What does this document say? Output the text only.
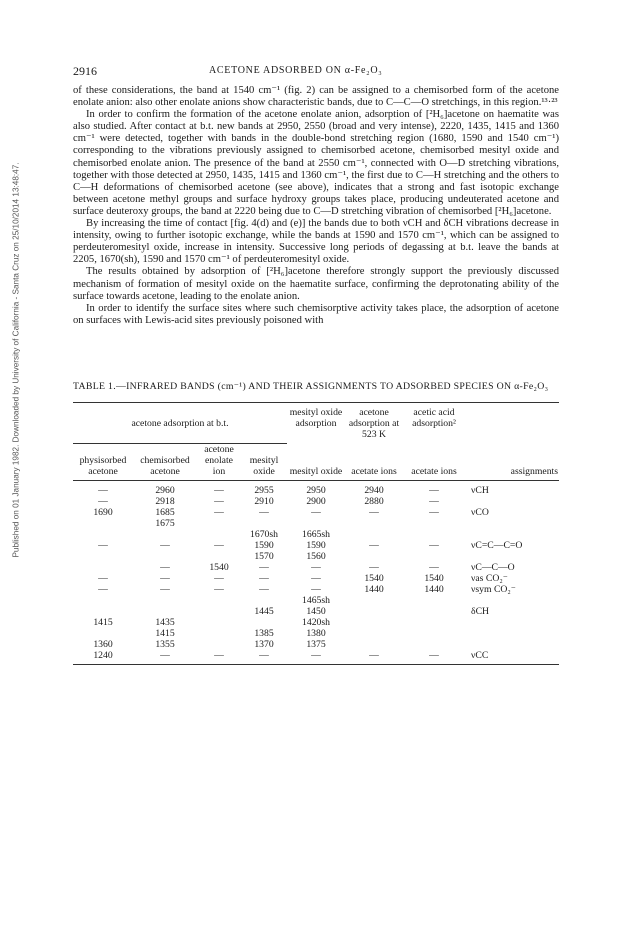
Published on 01 January 1982. Downloaded by University of California - Santa Cruz on 25/10/2014 13:48:47.
2916	ACETONE ADSORBED ON α-Fe₂O₃

of these considerations, the band at 1540 cm⁻¹ (fig. 2) can be assigned to a chemisorbed form of the acetone enolate anion: also other enolate anions show characteristic bands, due to C—C—O stretchings, in this region.¹³·²³

In order to confirm the formation of the acetone enolate anion, adsorption of [²H₆]acetone on haematite was also studied. After contact at b.t. new bands at 2950, 2550 (broad and very intense), 2220, 1435, 1415 and 1360 cm⁻¹ were detected, together with bands in the double-bond stretching region (1680, 1590 and 1540 cm⁻¹) corresponding to the vibrations previously assigned to chemisorbed acetone, chemisorbed mesityl oxide and chemisorbed enolate anion. The presence of the band at 2550 cm⁻¹, connected with O—D stretching vibrations, together with those detected at 2950, 1435, 1415 and 1360 cm⁻¹, the first due to C—H stretching and the others to C—H deformations of chemisorbed acetone (see above), indicates that a strong and fast isotopic exchange between acetone methyl groups and surface hydroxy groups takes place, producing undeuterated acetone and surface deuteroxy groups, the band at 2220 being due to C—D stretching vibration of chemisorbed [²H₆]acetone.

By increasing the time of contact [fig. 4(d) and (e)] the bands due to both νCH and δCH vibrations decrease in intensity, owing to further isotopic exchange, while the bands at 1590 and 1570 cm⁻¹, which can be assigned to perdeuteromesityl oxide, increase in intensity. Successive long periods of degassing at b.t. leave the bands at 2205, 1670(sh), 1590 and 1570 cm⁻¹ of perdeuteromesityl oxide.

The results obtained by adsorption of [²H₆]acetone therefore strongly support the previously discussed mechanism of formation of mesityl oxide on the haematite surface, confirming the deprotonating ability of the surface towards acetone, leading to the enolate anion.

In order to identify the surface sites where such chemisorptive activity takes place, the adsorption of acetone on surfaces with Lewis-acid sites previously poisoned with

TABLE 1.—INFRARED BANDS (cm⁻¹) AND THEIR ASSIGNMENTS TO ADSORBED SPECIES ON α-Fe₂O₃

acetone adsorption at b.t.				mesityl oxide adsorption	acetone adsorption at 523 K	acetic acid adsorption²	

physisorbed acetone	chemisorbed acetone	acetone enolate ion	mesityl oxide	mesityl oxide	acetate ions	acetate ions	assignments

—	2960	—	2955	2950	2940	—	νCH
—	2918	—	2910	2900	2880	—	
1690	1685	—	—	—	—	—	νCO
	1675						
			1670sh	1665sh			
—	—	—	1590	1590	—	—	νC=C—C=O
			1570	1560			
	—	1540	—	—	—	—	νC—C—O
—	—	—	—	—	1540	1540	νas CO₂⁻
—	—	—	—	—	1440	1440	νsym CO₂⁻
				1465sh			
			1445	1450			δCH
1415	1435			1420sh			
	1415		1385	1380			
1360	1355		1370	1375			
1240	—	—	—	—	—	—	νCC
